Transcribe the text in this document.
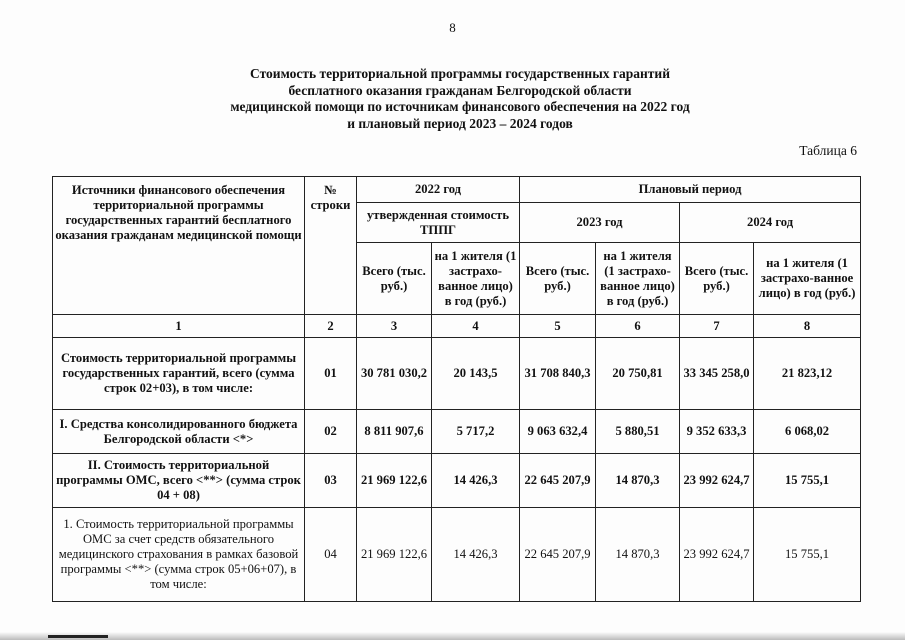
8
Стоимость территориальной программы государственных гарантий
бесплатного оказания гражданам Белгородской области
медицинской помощи по источникам финансового обеспечения на 2022 год
и плановый период 2023 – 2024 годов
Таблица 6
Источники финансового обеспечения территориальной программы государственных гарантий бесплатного оказания гражданам медицинской помощи	№ строки	2022 год		Плановый период			
		утвержденная стоимость ТППГ		2023 год		2024 год	
		Всего (тыс. руб.)	на 1 жителя (1 застрахо-ванное лицо) в год (руб.)	Всего (тыс. руб.)	на 1 жителя (1 застрахо-ванное лицо) в год (руб.)	Всего (тыс. руб.)	на 1 жителя (1 застрахо-ванное лицо) в год (руб.)
1	2	3	4	5	6	7	8
Стоимость территориальной программы государственных гарантий, всего (сумма строк 02+03), в том числе:	01	30 781 030,2	20 143,5	31 708 840,3	20 750,81	33 345 258,0	21 823,12
I. Средства консолидированного бюджета Белгородской области <*>	02	8 811 907,6	5 717,2	9 063 632,4	5 880,51	9 352 633,3	6 068,02
II. Стоимость территориальной программы ОМС, всего <**> (сумма строк 04 + 08)	03	21 969 122,6	14 426,3	22 645 207,9	14 870,3	23 992 624,7	15 755,1
1. Стоимость территориальной программы ОМС за счет средств обязательного медицинского страхования в рамках базовой программы <**> (сумма строк 05+06+07), в том числе:	04	21 969 122,6	14 426,3	22 645 207,9	14 870,3	23 992 624,7	15 755,1
